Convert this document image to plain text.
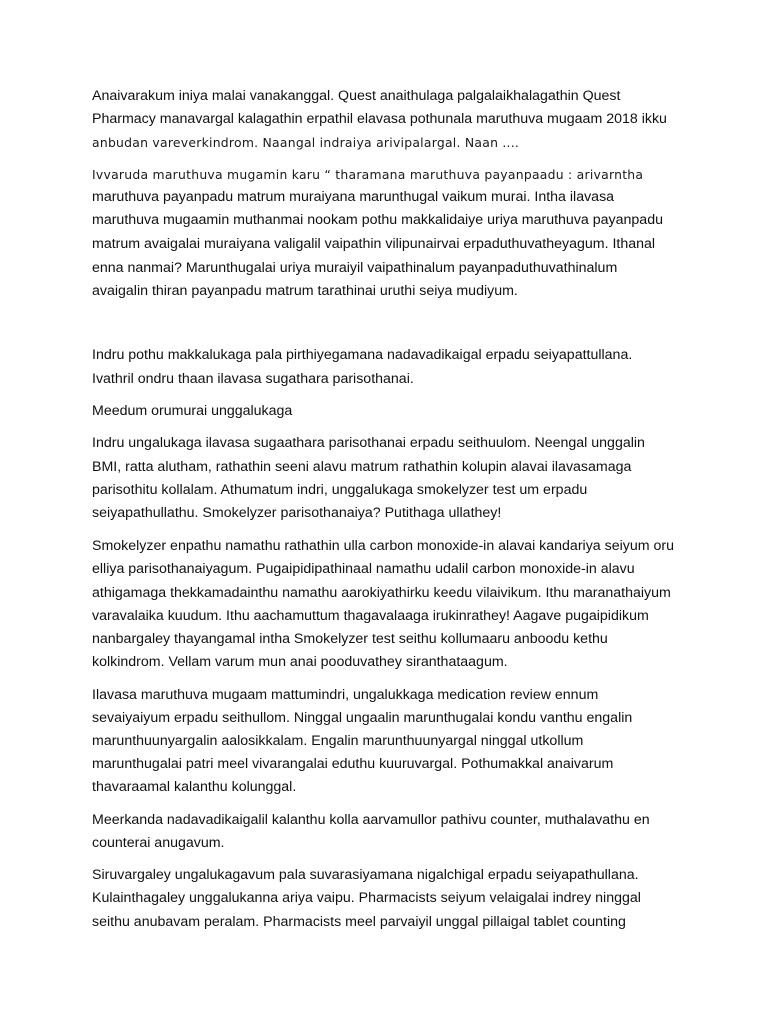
Anaivarakum iniya malai vanakanggal. Quest anaithulaga palgalaikhalagathin Quest
Pharmacy manavargal kalagathin erpathil elavasa pothunala maruthuva mugaam 2018 ikku
anbudan vareverkindrom. Naangal indraiya arivipalargal. Naan ....
Ivvaruda maruthuva mugamin karu “ tharamana maruthuva payanpaadu : arivarntha
maruthuva payanpadu matrum muraiyana marunthugal vaikum murai. Intha ilavasa
maruthuva mugaamin muthanmai nookam pothu makkalidaiye uriya maruthuva payanpadu
matrum avaigalai muraiyana valigalil vaipathin vilipunairvai erpaduthuvatheyagum. Ithanal
enna nanmai? Marunthugalai uriya muraiyil vaipathinalum payanpaduthuvathinalum
avaigalin thiran payanpadu matrum tarathinai uruthi seiya mudiyum.
Indru pothu makkalukaga pala pirthiyegamana nadavadikaigal erpadu seiyapattullana.
Ivathril ondru thaan ilavasa sugathara parisothanai.
Meedum orumurai unggalukaga
Indru ungalukaga ilavasa sugaathara parisothanai erpadu seithuulom. Neengal unggalin
BMI, ratta alutham, rathathin seeni alavu matrum rathathin kolupin alavai ilavasamaga
parisothitu kollalam. Athumatum indri, unggalukaga smokelyzer test um erpadu
seiyapathullathu. Smokelyzer parisothanaiya? Putithaga ullathey!
Smokelyzer enpathu namathu rathathin ulla carbon monoxide-in alavai kandariya seiyum oru
elliya parisothanaiyagum. Pugaipidipathinaal namathu udalil carbon monoxide-in alavu
athigamaga thekkamadainthu namathu aarokiyathirku keedu vilaivikum. Ithu maranathaiyum
varavalaika kuudum. Ithu aachamuttum thagavalaaga irukinrathey! Aagave pugaipidikum
nanbargaley thayangamal intha Smokelyzer test seithu kollumaaru anboodu kethu
kolkindrom. Vellam varum mun anai pooduvathey siranthataagum.
Ilavasa maruthuva mugaam mattumindri, ungalukkaga medication review ennum
sevaiyaiyum erpadu seithullom. Ninggal ungaalin marunthugalai kondu vanthu engalin
marunthuunyargalin aalosikkalam. Engalin marunthuunyargal ninggal utkollum
marunthugalai patri meel vivarangalai eduthu kuuruvargal. Pothumakkal anaivarum
thavaraamal kalanthu kolunggal.
Meerkanda nadavadikaigalil kalanthu kolla aarvamullor pathivu counter, muthalavathu en
counterai anugavum.
Siruvargaley ungalukagavum pala suvarasiyamana nigalchigal erpadu seiyapathullana.
Kulainthagaley unggalukanna ariya vaipu. Pharmacists seiyum velaigalai indrey ninggal
seithu anubavam peralam. Pharmacists meel parvaiyil unggal pillaigal tablet counting
